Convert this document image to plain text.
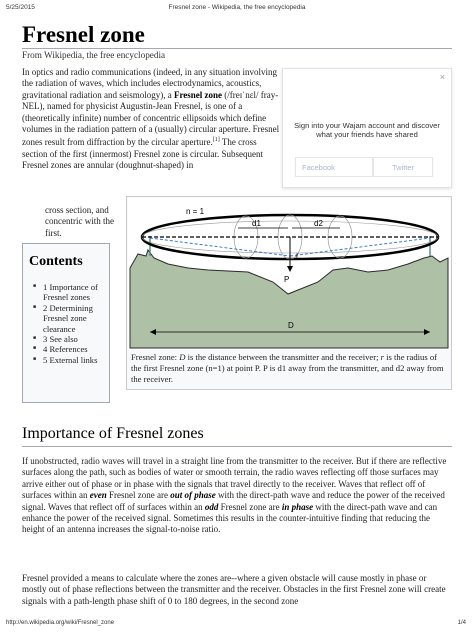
5/25/2015	Fresnel zone - Wikipedia, the free encyclopedia
Fresnel zone
From Wikipedia, the free encyclopedia
In optics and radio communications (indeed, in any situation involving the radiation of waves, which includes electrodynamics, acoustics, gravitational radiation and seismology), a Fresnel zone (/freɪˈnɛl/ fray-NEL), named for physicist Augustin-Jean Fresnel, is one of a (theoretically infinite) number of concentric ellipsoids which define volumes in the radiation pattern of a (usually) circular aperture. Fresnel zones result from diffraction by the circular aperture.[1] The cross section of the first (innermost) Fresnel zone is circular. Subsequent Fresnel zones are annular (doughnut-shaped) in
cross section, and concentric with the first.
×
Sign into your Wajam account and discover what your friends have shared
Facebook	Twitter
Contents
■ 1 Importance of Fresnel zones
■ 2 Determining Fresnel zone clearance
■ 3 See also
■ 4 References
■ 5 External links
n = 1
d1	d2
r
P
D
Fresnel zone: D is the distance between the transmitter and the receiver; r is the radius of the first Fresnel zone (n=1) at point P. P is d1 away from the transmitter, and d2 away from the receiver.
Importance of Fresnel zones
If unobstructed, radio waves will travel in a straight line from the transmitter to the receiver. But if there are reflective surfaces along the path, such as bodies of water or smooth terrain, the radio waves reflecting off those surfaces may arrive either out of phase or in phase with the signals that travel directly to the receiver. Waves that reflect off of surfaces within an even Fresnel zone are out of phase with the direct-path wave and reduce the power of the received signal. Waves that reflect off of surfaces within an odd Fresnel zone are in phase with the direct-path wave and can enhance the power of the received signal. Sometimes this results in the counter-intuitive finding that reducing the height of an antenna increases the signal-to-noise ratio.
Fresnel provided a means to calculate where the zones are--where a given obstacle will cause mostly in phase or mostly out of phase reflections between the transmitter and the receiver. Obstacles in the first Fresnel zone will create signals with a path-length phase shift of 0 to 180 degrees, in the second zone
http://en.wikipedia.org/wiki/Fresnel_zone	1/4
